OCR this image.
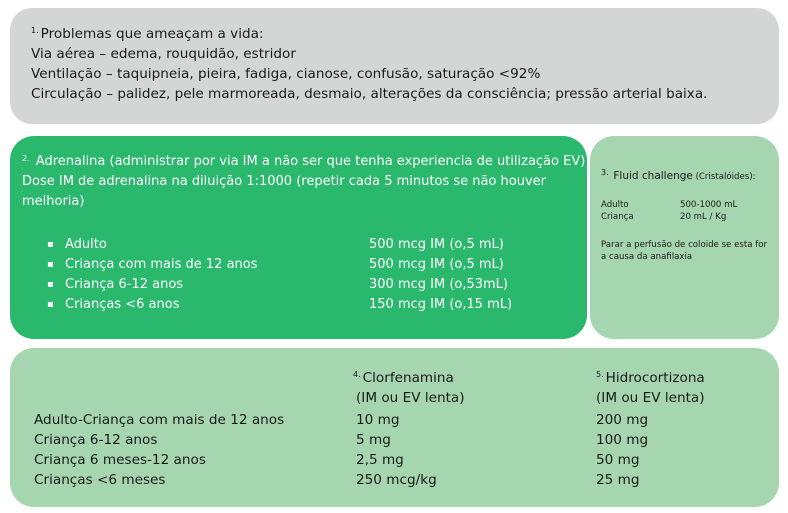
$^{1.}$ Problemas que ameaçam a vida:
Via aérea – edema, rouquidão, estridor
Ventilação – taquipneia, pieira, fadiga, cianose, confusão, saturação <92%
Circulação – palidez, pele marmoreada, desmaio, alterações da consciência; pressão arterial baixa.
$^{2.}$ Adrenalina (administrar por via IM a não ser que tenha experiencia de utilização EV)
Dose IM de adrenalina na diluição 1:1000 (repetir cada 5 minutos se não houver
melhoria)
▪ Adulto	500 mcg IM (o,5 mL)
▪ Criança com mais de 12 anos	500 mcg IM (o,5 mL)
▪ Criança 6-12 anos	300 mcg IM (o,53mL)
▪ Crianças <6 anos	150 mcg IM (o,15 mL)
$^{3.}$ Fluid challenge (Cristalóides):
Adulto	500-1000 mL
Criança	20 mL / Kg
Parar a perfusão de coloide se esta for a causa da anafilaxia
$^{4.}$ Clorfenamina
(IM ou EV lenta)
$^{5.}$ Hidrocortizona
(IM ou EV lenta)
Adulto-Criança com mais de 12 anos	10 mg	200 mg
Criança 6-12 anos	5 mg	100 mg
Criança 6 meses-12 anos	2,5 mg	50 mg
Crianças <6 meses	250 mcg/kg	25 mg
